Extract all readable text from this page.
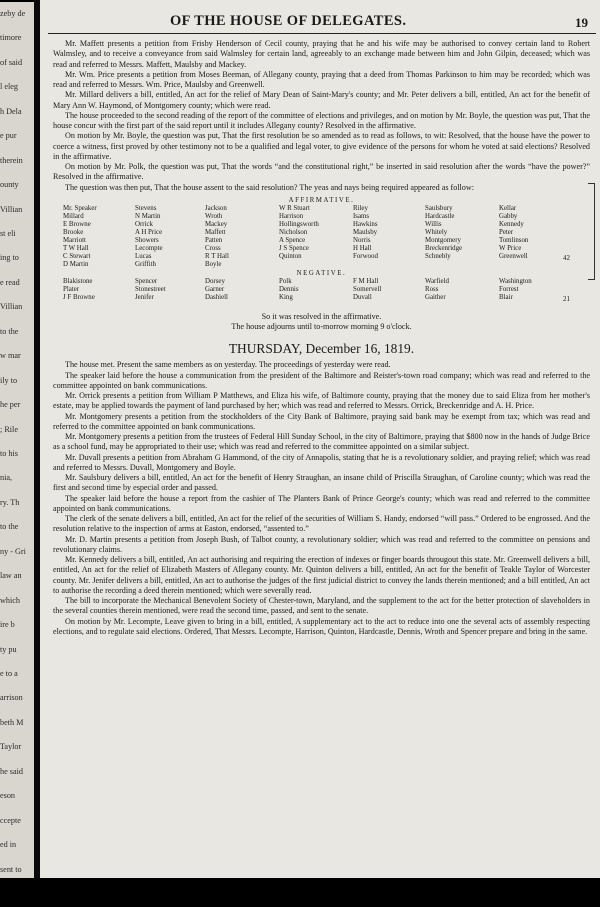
zeby de
timore
of said
l eleg
h Dela
e pur
therein
ounty
Villian
st eli
ing to
e read
Villian
to the
w mar
ily to
he per
; Rile
to his
nia,
ry. Th
to the
ny - Gri
law an
which
ire b
ty pu
e to a
arrison
beth M
Taylor
he said
eson
ccepte
ed in
sent to
OF THE HOUSE OF DELEGATES.	19

Mr. Maffett presents a petition from Frisby Henderson of Cecil county, praying that he and his wife may be authorised to convey certain land to Robert Walmsley, and to receive a conveyance from said Walmsley for certain land, agreeably to an exchange made between him and John Gilpin, deceased; which was read and referred to Messrs. Maffett, Maulsby and Mackey.

Mr. Wm. Price presents a petition from Moses Beeman, of Allegany county, praying that a deed from Thomas Parkinson to him may be recorded; which was read and referred to Messrs. Wm. Price, Maulsby and Greenwell.

Mr. Millard delivers a bill, entitled, An act for the relief of Mary Dean of Saint-Mary's county; and Mr. Peter delivers a bill, entitled, An act for the benefit of Mary Ann W. Haymond, of Montgomery county; which were read.

The house proceeded to the second reading of the report of the committee of elections and privileges, and on motion by Mr. Boyle, the question was put, That the house concur with the first part of the said report until it includes Allegany county? Resolved in the affirmative.

On motion by Mr. Boyle, the question was put, That the first resolution be so amended as to read as follows, to wit: Resolved, that the house have the power to coerce a witness, first proved by other testimony not to be a qualified and legal voter, to give evidence of the persons for whom he voted at said elections? Resolved in the affirmative.

On motion by Mr. Polk, the question was put, That the words “and the constitutional right,” be inserted in said resolution after the words “have the power?” Resolved in the affirmative.

The question was then put, That the house assent to the said resolution? The yeas and nays being required appeared as follow:

AFFIRMATIVE.
NEGATIVE.
Mr. Speaker
Millard
E Browne
Brooke
Marriott
T W Hall
C Stewart
D Martin
Stevens
N Martin
Orrick
A H Price
Showers
Lecompte
Lucas
Griffith
Jackson
Wroth
Mackey
Maffett
Patten
Cross
R T Hall
Boyle
W R Stuart
Harrison
Hollingsworth
Nicholson
A Spence
J S Spence
Quinton
Riley
Isams
Hawkins
Maulsby
Norris
H Hall
Forwood
Saulsbury
Hardcastle
Willis
Whitely
Montgomery
Breckenridge
Schnebly
Kellar
Gabby
Kennedy
Peter
Tomlinson
W Price
Greenwell
Blakistone
Plater
J F Browne
Spencer
Stonestreet
Jenifer
Dorsey
Garner
Dashiell
Polk
Dennis
King
F M Hall
Somervell
Duvall
Warfield
Ross
Gaither
Washington
Forrest
Blair
42
21

So it was resolved in the affirmative.

The house adjourns until to-morrow morning 9 o'clock.

THURSDAY, December 16, 1819.

The house met. Present the same members as on yesterday. The proceedings of yesterday were read.

The speaker laid before the house a communication from the president of the Baltimore and Reister's-town road company; which was read and referred to the committee appointed on bank communications.

Mr. Orrick presents a petition from William P Matthews, and Eliza his wife, of Baltimore county, praying that the money due to said Eliza from her mother's estate, may be applied towards the payment of land purchased by her; which was read and referred to Messrs. Orrick, Breckenridge and A. H. Price.

Mr. Montgomery presents a petition from the stockholders of the City Bank of Baltimore, praying said bank may be exempt from tax; which was read and referred to the committee appointed on bank communications.

Mr. Montgomery presents a petition from the trustees of Federal Hill Sunday School, in the city of Baltimore, praying that $800 now in the hands of Judge Brice as a school fund, may be appropriated to their use; which was read and referred to the committee appointed on a similar subject.

Mr. Duvall presents a petition from Abraham G Hammond, of the city of Annapolis, stating that he is a revolutionary soldier, and praying relief; which was read and referred to Messrs. Duvall, Montgomery and Boyle.

Mr. Saulsbury delivers a bill, entitled, An act for the benefit of Henry Straughan, an insane child of Priscilla Straughan, of Caroline county; which was read the first and second time by especial order and passed.

The speaker laid before the house a report from the cashier of The Planters Bank of Prince George's county; which was read and referred to the committee appointed on bank communications.

The clerk of the senate delivers a bill, entitled, An act for the relief of the securities of William S. Handy, endorsed “will pass.” Ordered to be engrossed. And the resolution relative to the inspection of arms at Easton, endorsed, “assented to.”

Mr. D. Martin presents a petition from Joseph Bush, of Talbot county, a revolutionary soldier; which was read and referred to the committee on pensions and revolutionary claims.

Mr. Kennedy delivers a bill, entitled, An act authorising and requiring the erection of indexes or finger boards througout this state. Mr. Greenwell delivers a bill, entitled, An act for the relief of Elizabeth Masters of Allegany county. Mr. Quinton delivers a bill, entitled, An act for the benefit of Teakle Taylor of Worcester county. Mr. Jenifer delivers a bill, entitled, An act to authorise the judges of the first judicial district to convey the lands therein mentioned; and a bill entitled, An act to authorise the recording a deed therein mentioned; which were severally read.

The bill to incorporate the Mechanical Benevolent Society of Chester-town, Maryland, and the supplement to the act for the better protection of slaveholders in the several counties therein mentioned, were read the second time, passed, and sent to the senate.

On motion by Mr. Lecompte, Leave given to bring in a bill, entitled, A supplementary act to the act to reduce into one the several acts of assembly respecting elections, and to regulate said elections. Ordered, That Messrs. Lecompte, Harrison, Quinton, Hardcastle, Dennis, Wroth and Spencer prepare and bring in the same.
